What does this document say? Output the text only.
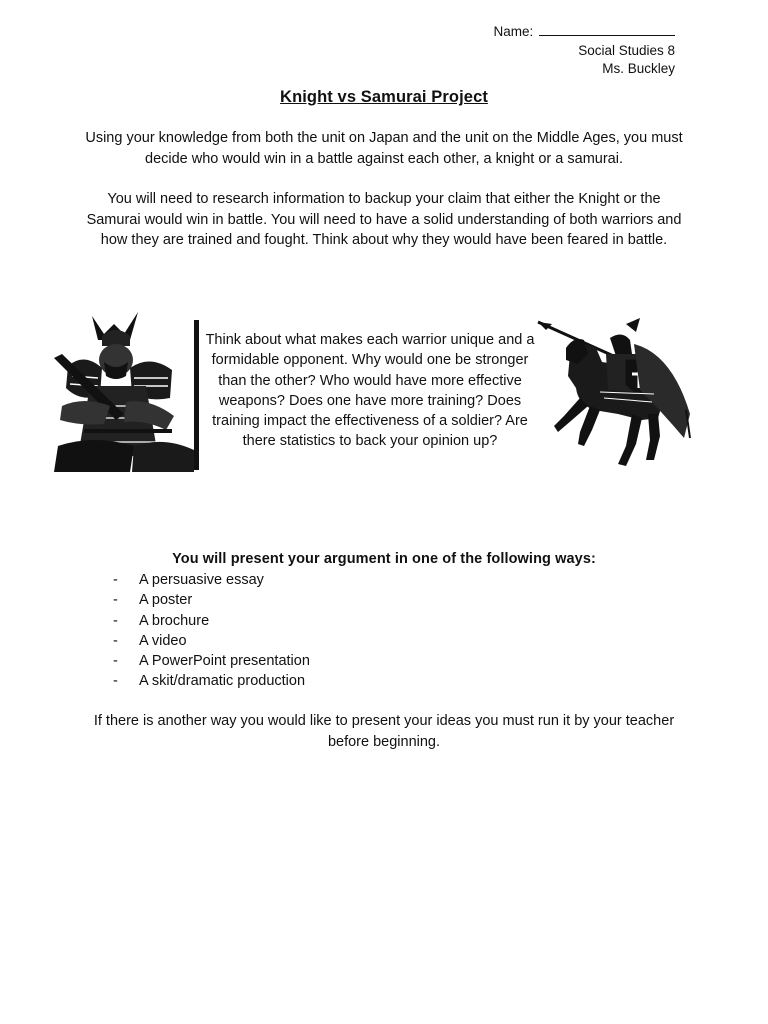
Name:
Social Studies 8
Ms. Buckley
Knight vs Samurai Project
Using your knowledge from both the unit on Japan and the unit on the Middle Ages, you must decide who would win in a battle against each other, a knight or a samurai.
You will need to research information to backup your claim that either the Knight or the Samurai would win in battle. You will need to have a solid understanding of both warriors and how they are trained and fought. Think about why they would have been feared in battle.
Think about what makes each warrior unique and a formidable opponent. Why would one be stronger than the other? Who would have more effective weapons? Does one have more training? Does training impact the effectiveness of a soldier? Are there statistics to back your opinion up?
You will present your argument in one of the following ways:
- A persuasive essay
- A poster
- A brochure
- A video
- A PowerPoint presentation
- A skit/dramatic production
If there is another way you would like to present your ideas you must run it by your teacher before beginning.
